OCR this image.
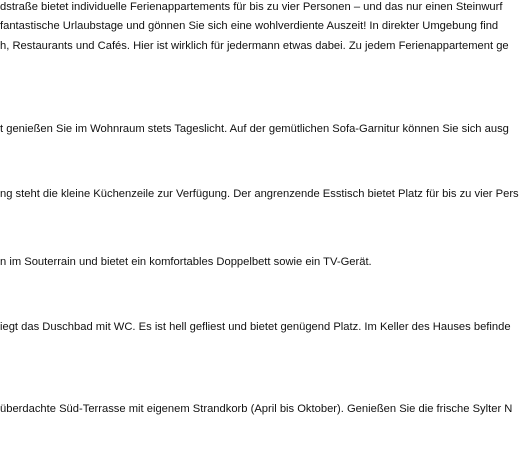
dstraße bietet individuelle Ferienappartements für bis zu vier Personen – und das nur einen Steinwurf
fantastische Urlaubstage und gönnen Sie sich eine wohlverdiente Auszeit! In direkter Umgebung find
h, Restaurants und Cafés. Hier ist wirklich für jedermann etwas dabei. Zu jedem Ferienappartement ge
t genießen Sie im Wohnraum stets Tageslicht. Auf der gemütlichen Sofa-Garnitur können Sie sich ausg
ng steht die kleine Küchenzeile zur Verfügung. Der angrenzende Esstisch bietet Platz für bis zu vier Pers
n im Souterrain und bietet ein komfortables Doppelbett sowie ein TV-Gerät.
iegt das Duschbad mit WC. Es ist hell gefliest und bietet genügend Platz. Im Keller des Hauses befinde
überdachte Süd-Terrasse mit eigenem Strandkorb (April bis Oktober). Genießen Sie die frische Sylter N
